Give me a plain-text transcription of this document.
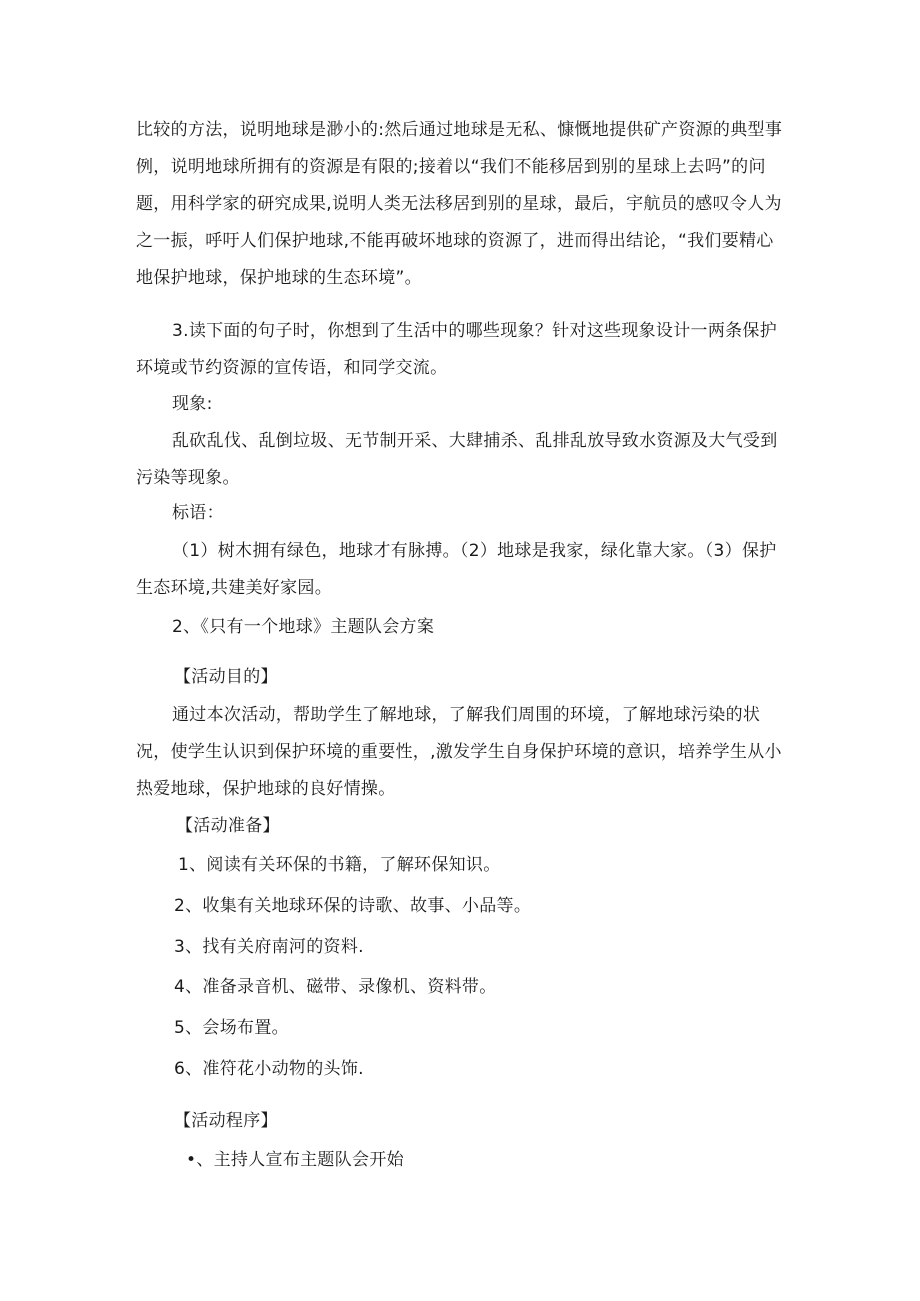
比较的方法，说明地球是渺小的:然后通过地球是无私、慷慨地提供矿产资源的典型事例，说明地球所拥有的资源是有限的;接着以“我们不能移居到别的星球上去吗”的问题，用科学家的研究成果,说明人类无法移居到别的星球，最后，宇航员的感叹令人为之一振，呼吁人们保护地球,不能再破坏地球的资源了，进而得出结论，“我们要精心地保护地球，保护地球的生态环境”。

3.读下面的句子时，你想到了生活中的哪些现象？针对这些现象设计一两条保护环境或节约资源的宣传语，和同学交流。

现象:

乱砍乱伐、乱倒垃圾、无节制开采、大肆捕杀、乱排乱放导致水资源及大气受到污染等现象。

标语：

（1）树木拥有绿色，地球才有脉搏。（2）地球是我家，绿化靠大家。（3）保护生态环境,共建美好家园。

2、《只有一个地球》主题队会方案

【活动目的】

通过本次活动，帮助学生了解地球，了解我们周围的环境，了解地球污染的状况，使学生认识到保护环境的重要性，,激发学生自身保护环境的意识，培养学生从小热爱地球，保护地球的良好情操。

【活动准备】

1、阅读有关环保的书籍，了解环保知识。

2、收集有关地球环保的诗歌、故事、小品等。

3、找有关府南河的资料.

4、准备录音机、磁带、录像机、资料带。

5、会场布置。

6、准符花小动物的头饰.

【活动程序】

•、主持人宣布主题队会开始
